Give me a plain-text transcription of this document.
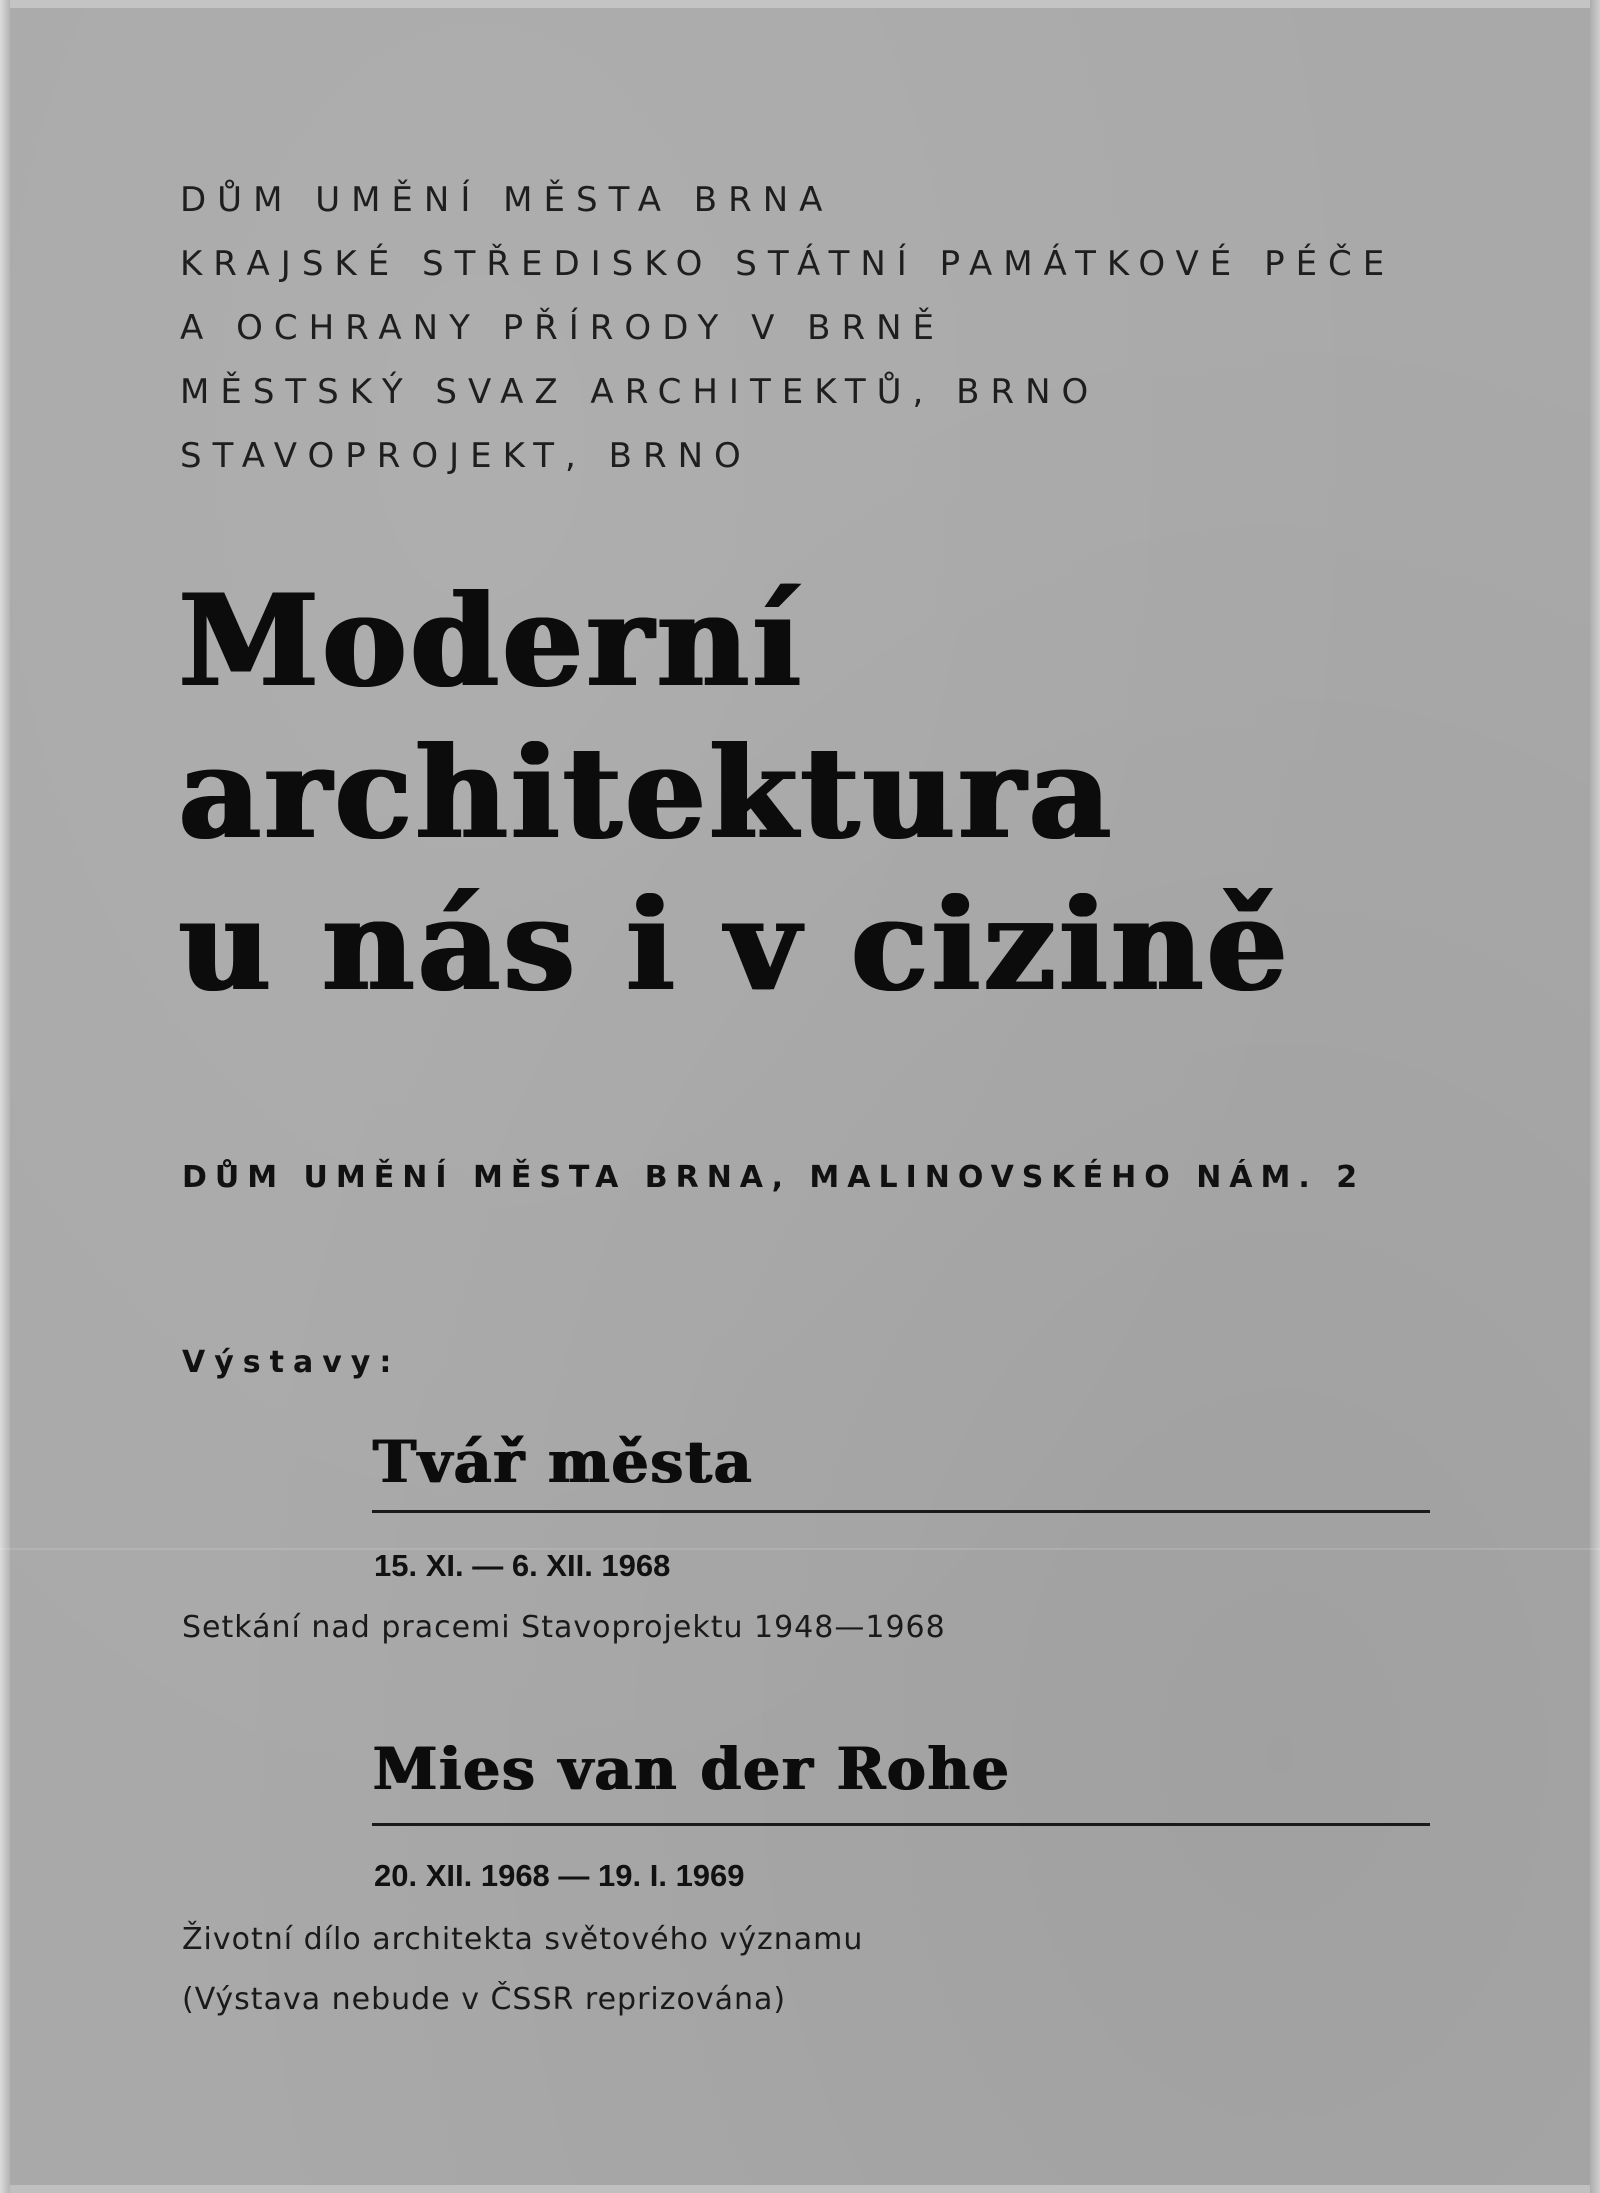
DŮM UMĚNÍ MĚSTA BRNA
KRAJSKÉ STŘEDISKO STÁTNÍ PAMÁTKOVÉ PÉČE
A OCHRANY PŘÍRODY V BRNĚ
MĚSTSKÝ SVAZ ARCHITEKTŮ, BRNO
STAVOPROJEKT, BRNO
Moderní
architektura
u nás i v cizině
DŮM UMĚNÍ MĚSTA BRNA, MALINOVSKÉHO NÁM. 2
Výstavy:
Tvář města
15. XI. — 6. XII. 1968
Setkání nad pracemi Stavoprojektu 1948—1968
Mies van der Rohe
20. XII. 1968 — 19. I. 1969
Životní dílo architekta světového významu
(Výstava nebude v ČSSR reprizována)
